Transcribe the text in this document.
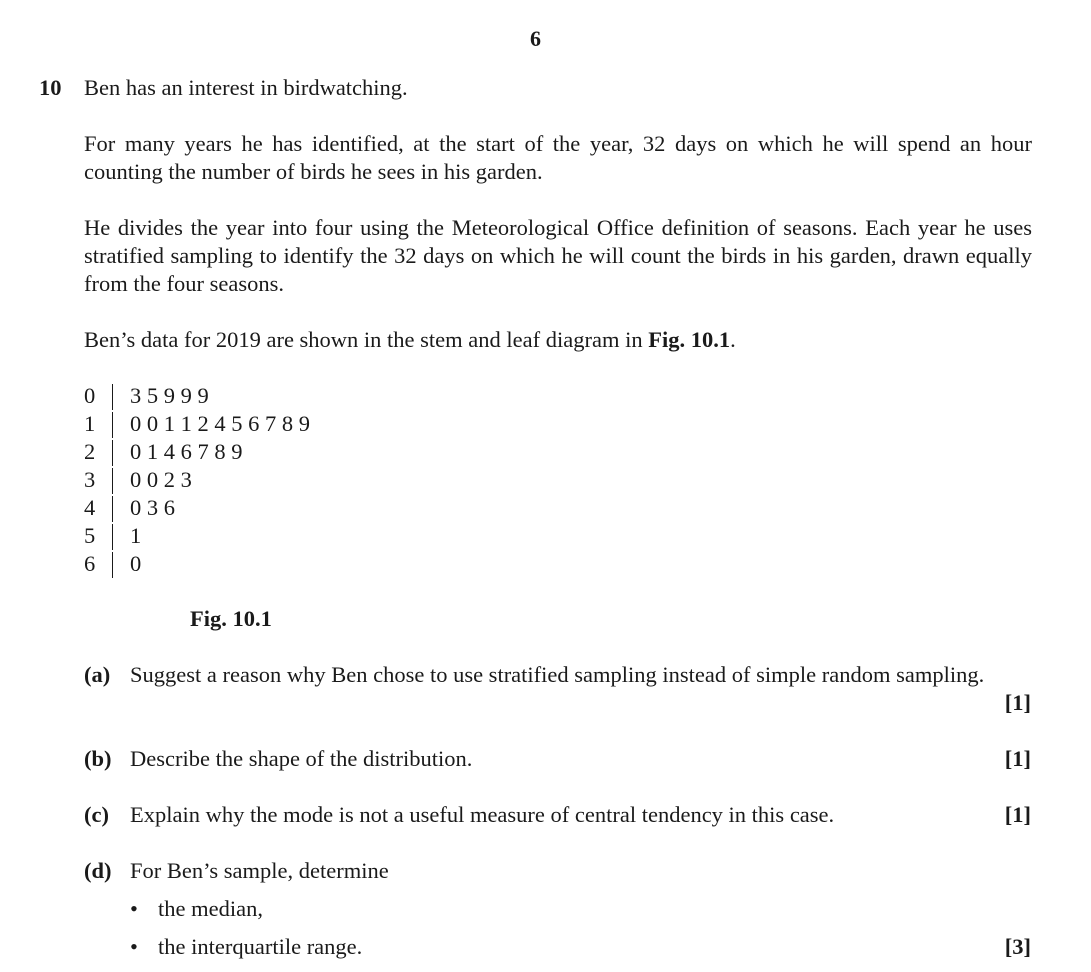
6
10 Ben has an interest in birdwatching.

For many years he has identified, at the start of the year, 32 days on which he will spend an hour counting the number of birds he sees in his garden.

He divides the year into four using the Meteorological Office definition of seasons. Each year he uses stratified sampling to identify the 32 days on which he will count the birds in his garden, drawn equally from the four seasons.

Ben’s data for 2019 are shown in the stem and leaf diagram in Fig. 10.1.

0	3 5 9 9 9
1	0 0 1 1 2 4 5 6 7 8 9
2	0 1 4 6 7 8 9
3	0 0 2 3
4	0 3 6
5	1
6	0
Fig. 10.1
(a) Suggest a reason why Ben chose to use stratified sampling instead of simple random sampling.
[1]
(b) Describe the shape of the distribution.	[1]
(c) Explain why the mode is not a useful measure of central tendency in this case.	[1]
(d) For Ben’s sample, determine
• the median,
• the interquartile range.	[3]
